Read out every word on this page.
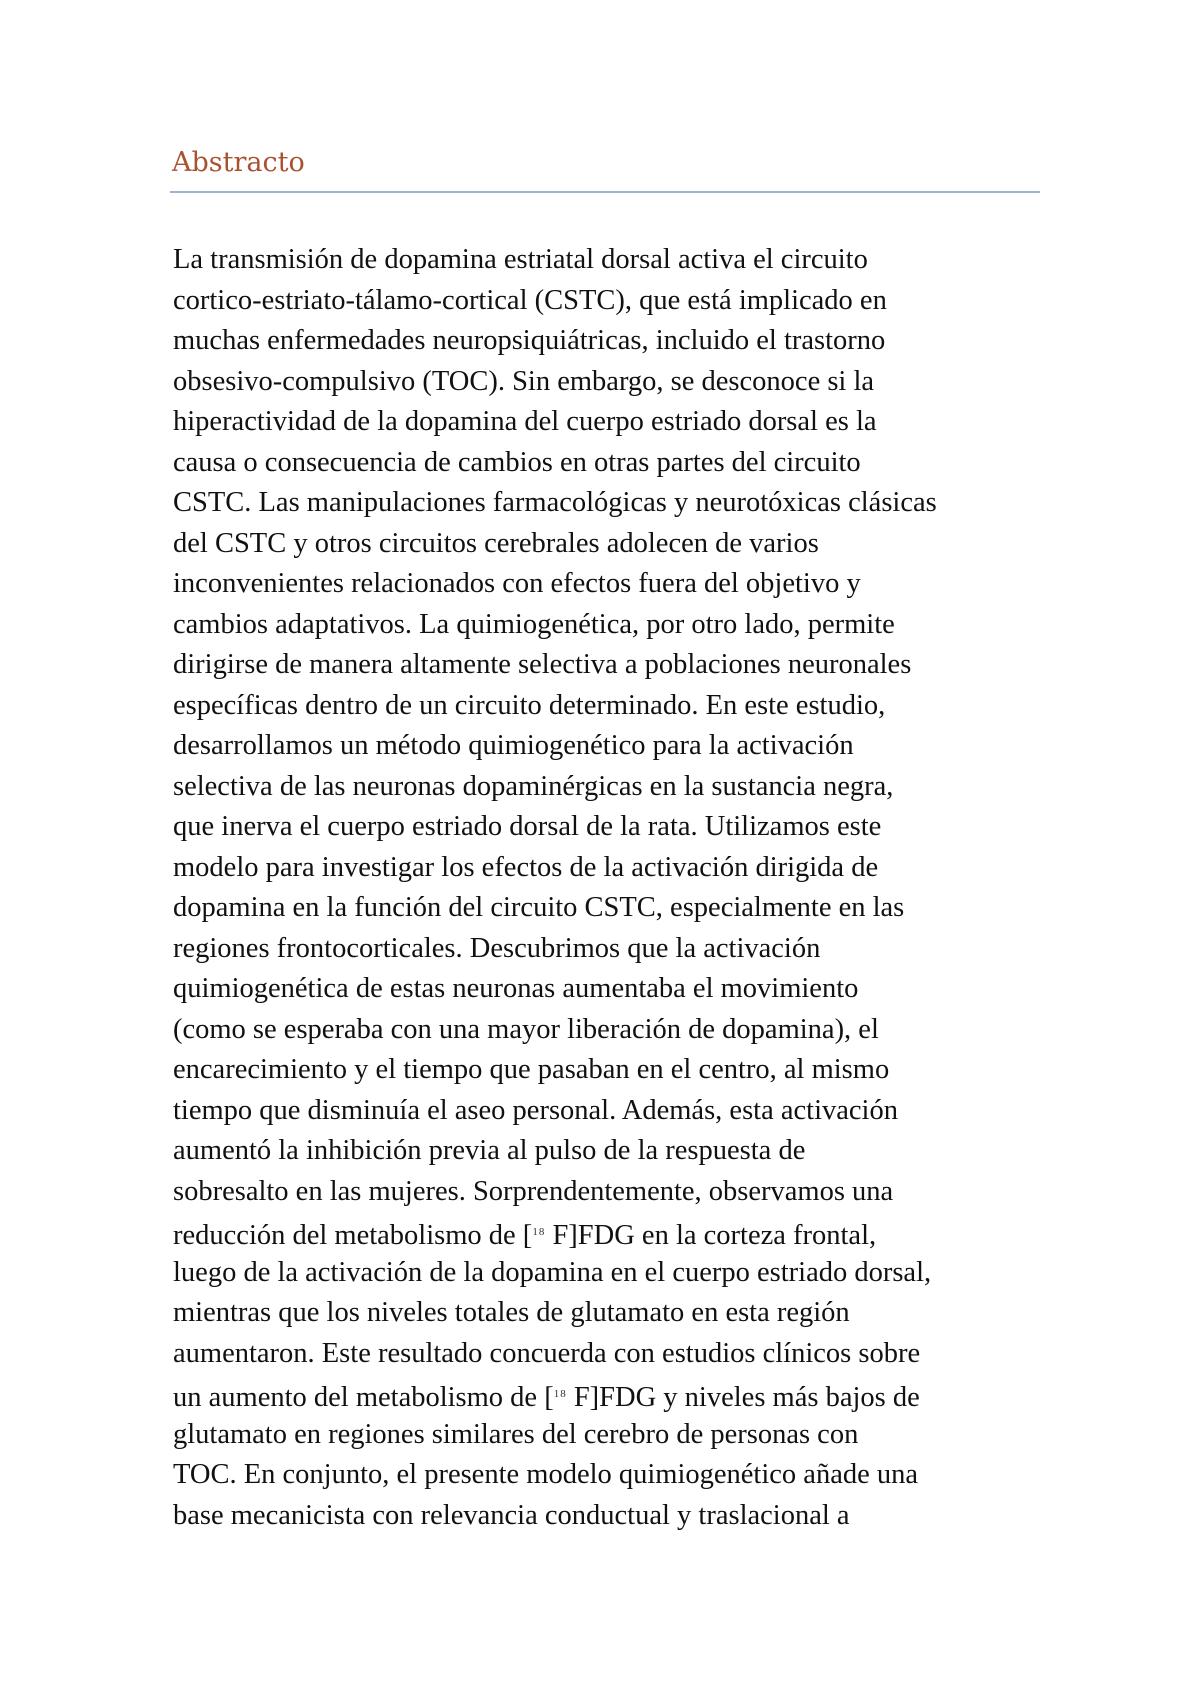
Abstracto
La transmisión de dopamina estriatal dorsal activa el circuito
cortico-estriato-tálamo-cortical (CSTC), que está implicado en
muchas enfermedades neuropsiquiátricas, incluido el trastorno
obsesivo-compulsivo (TOC). Sin embargo, se desconoce si la
hiperactividad de la dopamina del cuerpo estriado dorsal es la
causa o consecuencia de cambios en otras partes del circuito
CSTC. Las manipulaciones farmacológicas y neurotóxicas clásicas
del CSTC y otros circuitos cerebrales adolecen de varios
inconvenientes relacionados con efectos fuera del objetivo y
cambios adaptativos. La quimiogenética, por otro lado, permite
dirigirse de manera altamente selectiva a poblaciones neuronales
específicas dentro de un circuito determinado. En este estudio,
desarrollamos un método quimiogenético para la activación
selectiva de las neuronas dopaminérgicas en la sustancia negra,
que inerva el cuerpo estriado dorsal de la rata. Utilizamos este
modelo para investigar los efectos de la activación dirigida de
dopamina en la función del circuito CSTC, especialmente en las
regiones frontocorticales. Descubrimos que la activación
quimiogenética de estas neuronas aumentaba el movimiento
(como se esperaba con una mayor liberación de dopamina), el
encarecimiento y el tiempo que pasaban en el centro, al mismo
tiempo que disminuía el aseo personal. Además, esta activación
aumentó la inhibición previa al pulso de la respuesta de
sobresalto en las mujeres. Sorprendentemente, observamos una
reducción del metabolismo de [$^{18}$ F]FDG en la corteza frontal,
luego de la activación de la dopamina en el cuerpo estriado dorsal,
mientras que los niveles totales de glutamato en esta región
aumentaron. Este resultado concuerda con estudios clínicos sobre
un aumento del metabolismo de [$^{18}$ F]FDG y niveles más bajos de
glutamato en regiones similares del cerebro de personas con
TOC. En conjunto, el presente modelo quimiogenético añade una
base mecanicista con relevancia conductual y traslacional a
